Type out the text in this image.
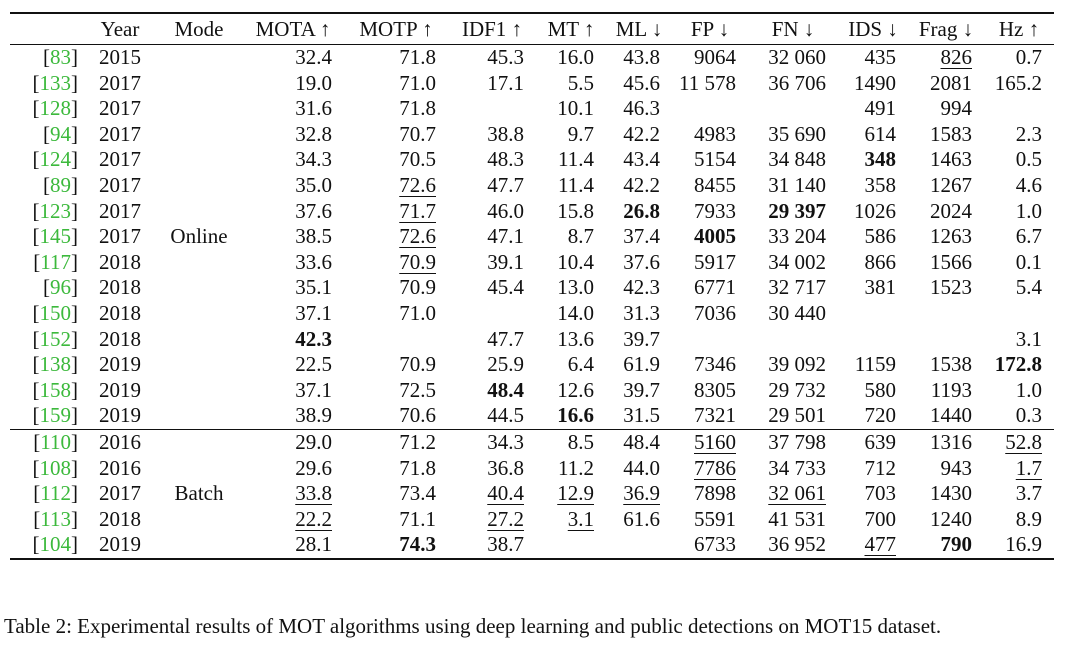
	Year	Mode	MOTA ↑	MOTP ↑	IDF1 ↑	MT ↑	ML ↓	FP ↓	FN ↓	IDS ↓	Frag ↓	Hz ↑
[83]	2015		32.4	71.8	45.3	16.0	43.8	9064	32 060	435	826	0.7
[133]	2017		19.0	71.0	17.1	5.5	45.6	11 578	36 706	1490	2081	165.2
[128]	2017		31.6	71.8		10.1	46.3			491	994	
[94]	2017		32.8	70.7	38.8	9.7	42.2	4983	35 690	614	1583	2.3
[124]	2017		34.3	70.5	48.3	11.4	43.4	5154	34 848	348	1463	0.5
[89]	2017		35.0	72.6	47.7	11.4	42.2	8455	31 140	358	1267	4.6
[123]	2017		37.6	71.7	46.0	15.8	26.8	7933	29 397	1026	2024	1.0
[145]	2017	Online	38.5	72.6	47.1	8.7	37.4	4005	33 204	586	1263	6.7
[117]	2018		33.6	70.9	39.1	10.4	37.6	5917	34 002	866	1566	0.1
[96]	2018		35.1	70.9	45.4	13.0	42.3	6771	32 717	381	1523	5.4
[150]	2018		37.1	71.0		14.0	31.3	7036	30 440			
[152]	2018		42.3		47.7	13.6	39.7					3.1
[138]	2019		22.5	70.9	25.9	6.4	61.9	7346	39 092	1159	1538	172.8
[158]	2019		37.1	72.5	48.4	12.6	39.7	8305	29 732	580	1193	1.0
[159]	2019		38.9	70.6	44.5	16.6	31.5	7321	29 501	720	1440	0.3
[110]	2016		29.0	71.2	34.3	8.5	48.4	5160	37 798	639	1316	52.8
[108]	2016		29.6	71.8	36.8	11.2	44.0	7786	34 733	712	943	1.7
[112]	2017	Batch	33.8	73.4	40.4	12.9	36.9	7898	32 061	703	1430	3.7
[113]	2018		22.2	71.1	27.2	3.1	61.6	5591	41 531	700	1240	8.9
[104]	2019		28.1	74.3	38.7			6733	36 952	477	790	16.9
Table 2: Experimental results of MOT algorithms using deep learning and public detections on MOT15 dataset.
